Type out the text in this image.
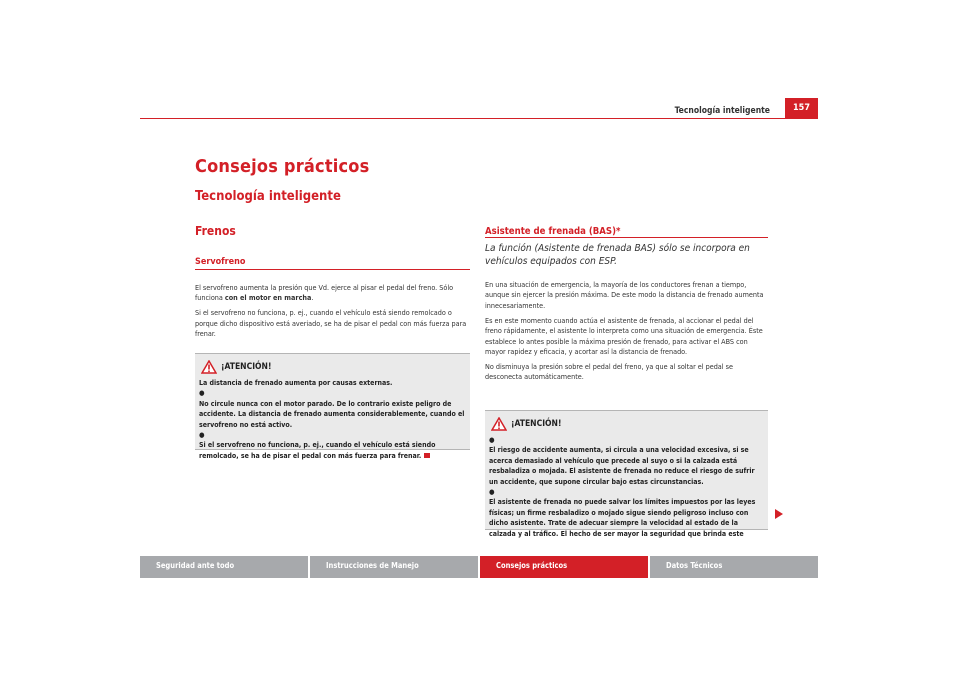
Tecnología inteligente	157
Consejos prácticos
Tecnología inteligente
Frenos
Servofreno

El servofreno aumenta la presión que Vd. ejerce al pisar el pedal del freno. Sólo funciona con el motor en marcha.

Si el servofreno no funciona, p. ej., cuando el vehículo está siendo remolcado o porque dicho dispositivo está averiado, se ha de pisar el pedal con más fuerza para frenar.

¡ATENCIÓN!

La distancia de frenado aumenta por causas externas.

●
No circule nunca con el motor parado. De lo contrario existe peligro de accidente. La distancia de frenado aumenta considerablemente, cuando el servofreno no está activo.

●
Si el servofreno no funciona, p. ej., cuando el vehículo está siendo remolcado, se ha de pisar el pedal con más fuerza para frenar.

Asistente de frenada (BAS)*
La función (Asistente de frenada BAS) sólo se incorpora en vehículos equipados con ESP.

En una situación de emergencia, la mayoría de los conductores frenan a tiempo, aunque sin ejercer la presión máxima. De este modo la distancia de frenado aumenta innecesariamente.

Es en este momento cuando actúa el asistente de frenada, al accionar el pedal del freno rápidamente, el asistente lo interpreta como una situación de emergencia. Éste establece lo antes posible la máxima presión de frenado, para activar el ABS con mayor rapidez y eficacia, y acortar así la distancia de frenado.

No disminuya la presión sobre el pedal del freno, ya que al soltar el pedal se desconecta automáticamente.

¡ATENCIÓN!

●
El riesgo de accidente aumenta, si circula a una velocidad excesiva, si se acerca demasiado al vehículo que precede al suyo o si la calzada está resbaladiza o mojada. El asistente de frenada no reduce el riesgo de sufrir un accidente, que supone circular bajo estas circunstancias.

●
El asistente de frenada no puede salvar los límites impuestos por las leyes físicas; un firme resbaladizo o mojado sigue siendo peligroso incluso con dicho asistente. Trate de adecuar siempre la velocidad al estado de la calzada y al tráfico. El hecho de ser mayor la seguridad que brinda este

Seguridad ante todo	Instrucciones de Manejo	Consejos prácticos	Datos Técnicos
